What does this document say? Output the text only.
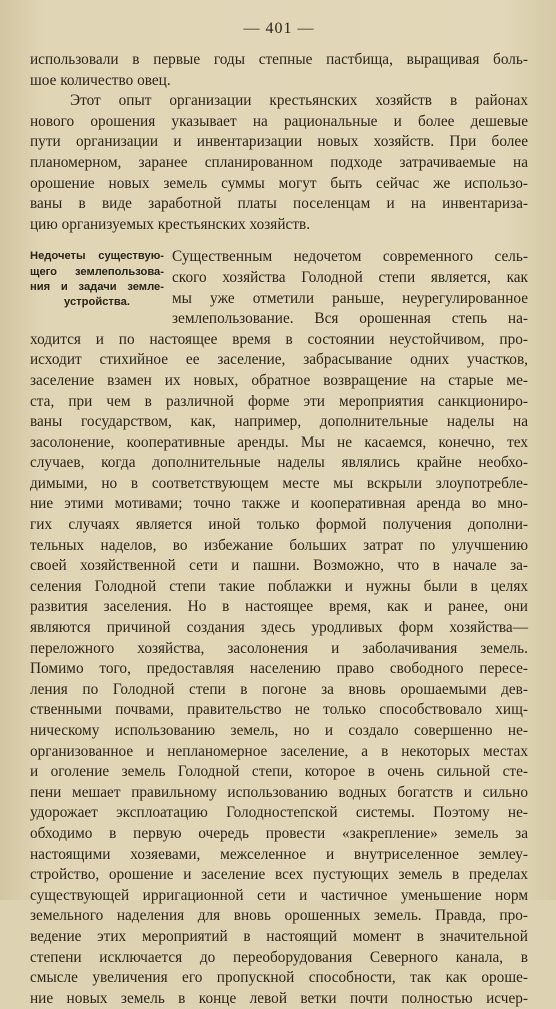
— 401 —
использовали в первые годы степные пастбища, выращивая боль-
шое количество овец.
Этот опыт организации крестьянских хозяйств в районах
нового орошения указывает на рациональные и более дешевые
пути организации и инвентаризации новых хозяйств. При более
планомерном, заранее спланированном подходе затрачиваемые на
орошение новых земель суммы могут быть сейчас же использо-
ваны в виде заработной платы поселенцам и на инвентаризa-
цию организуемых крестьянских хозяйств.
Недочеты существую-
щего землепользова-
ния и задачи земле-
устройства.
Существенным недочетом современного сель-
ского хозяйства Голодной степи является, как
мы уже отметили раньше, неурегулированное
землепользование. Вся орошенная степь на-
ходится и по настоящее время в состоянии неустойчивом, про-
исходит стихийное ее заселение, забрасывание одних участков,
заселение взамен их новых, обратное возвращение на старые ме-
ста, при чем в различной форме эти мероприятия санкциониро-
ваны государством, как, например, дополнительные наделы на
засолонение, кооперативные аренды. Мы не касаемся, конечно, тех
случаев, когда дополнительные наделы являлись крайне необхо-
димыми, но в соответствующем месте мы вскрыли злоупотребле-
ние этими мотивами; точно также и кооперативная аренда во мно-
гих случаях является иной только формой получения дополни-
тельных наделов, во избежание больших затрат по улучшению
своей хозяйственной сети и пашни. Возможно, что в начале за-
селения Голодной степи такие поблажки и нужны были в целях
развития заселения. Но в настоящее время, как и ранее, они
являются причиной создания здесь уродливых форм хозяйства—
переложного хозяйства, засолонения и заболачивания земель.
Помимо того, предоставляя населению право свободного пересе-
ления по Голодной степи в погоне за вновь орошаемыми дев-
ственными почвами, правительство не только способствовало хищ-
ническому использованию земель, но и создало совершенно не-
организованное и непланомерное заселение, а в некоторых местах
и оголение земель Голодной степи, которое в очень сильной сте-
пени мешает правильному использованию водных богатств и сильно
удорожает эксплоатацию Голодностепской системы. Поэтому не-
обходимо в первую очередь провести «закрепление» земель за
настоящими хозяевами, межселенное и внутриселенное землеу-
стройство, орошение и заселение всех пустующих земель в пределах
существующей ирригационной сети и частичное уменьшение норм
земельного наделения для вновь орошенных земель. Правда, про-
ведение этих мероприятий в настоящий момент в значительной
степени исключается до переоборудования Северного канала, в
смысле увеличения его пропускной способности, так как ороше-
ние новых земель в конце левой ветки почти полностью исчер-
